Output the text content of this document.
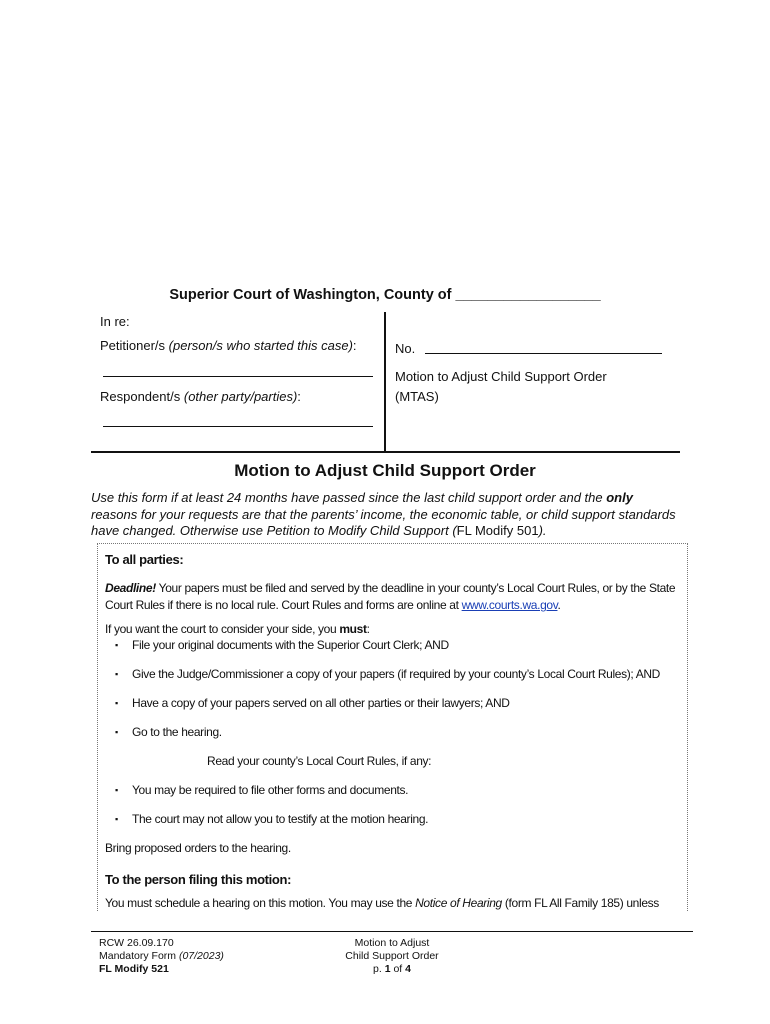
Superior Court of Washington, County of __________________
In re:
Petitioner/s (person/s who started this case):
Respondent/s (other party/parties):
No.
Motion to Adjust Child Support Order
(MTAS)
Motion to Adjust Child Support Order
Use this form if at least 24 months have passed since the last child support order and the only reasons for your requests are that the parents’ income, the economic table, or child support standards have changed. Otherwise use Petition to Modify Child Support (FL Modify 501).
To all parties:
Deadline! Your papers must be filed and served by the deadline in your county’s Local Court Rules, or by the State
Court Rules if there is no local rule. Court Rules and forms are online at www.courts.wa.gov.
If you want the court to consider your side, you must:
▪ File your original documents with the Superior Court Clerk; AND
▪ Give the Judge/Commissioner a copy of your papers (if required by your county’s Local Court Rules); AND
▪ Have a copy of your papers served on all other parties or their lawyers; AND
▪ Go to the hearing.
Read your county’s Local Court Rules, if any:
▪ You may be required to file other forms and documents.
▪ The court may not allow you to testify at the motion hearing.
Bring proposed orders to the hearing.
To the person filing this motion:
You must schedule a hearing on this motion. You may use the Notice of Hearing (form FL All Family 185) unless
RCW 26.09.170
Mandatory Form (07/2023)
FL Modify 521
Motion to Adjust
Child Support Order
p. 1 of 4
